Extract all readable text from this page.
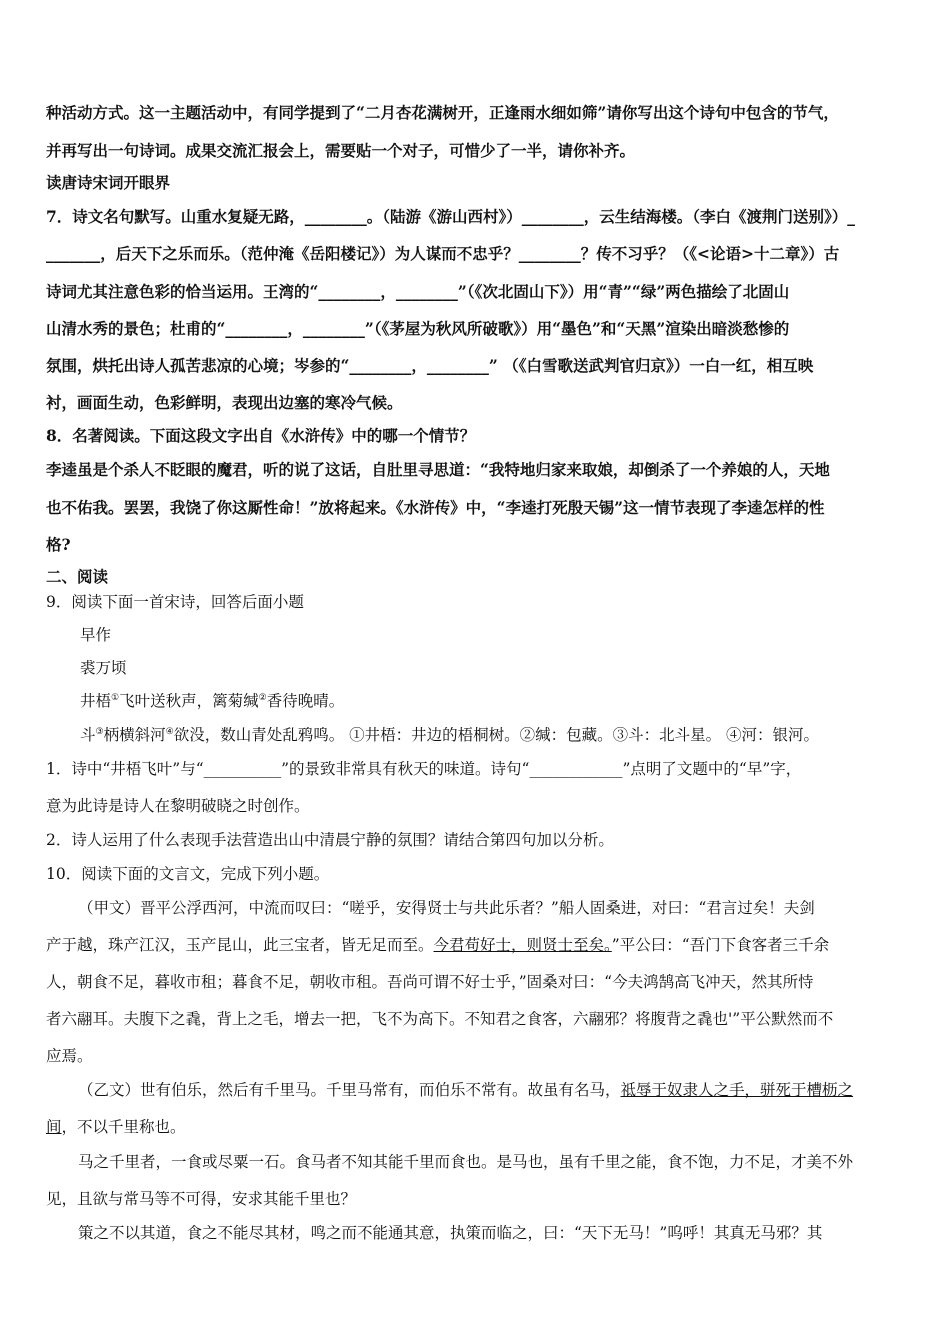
种活动方式。这一主题活动中，有同学提到了“二月杏花满树开，正逢雨水细如筛”请你写出这个诗句中包含的节气，
并再写出一句诗词。成果交流汇报会上，需要贴一个对子，可惜少了一半，请你补齐。
读唐诗宋词开眼界
7．诗文名句默写。山重水复疑无路，________。（陆游《游山西村》）________，云生结海楼。（李白《渡荆门送别》）_
_______，后天下之乐而乐。（范仲淹《岳阳楼记》）为人谋而不忠乎？________？传不习乎？（《<论语>十二章》）古
诗词尤其注意色彩的恰当运用。王湾的“________，________”（《次北固山下》）用“青”“绿”两色描绘了北固山
山清水秀的景色；杜甫的“________，________”（《茅屋为秋风所破歌》）用“墨色”和“天黑”渲染出暗淡愁惨的
氛围，烘托出诗人孤苦悲凉的心境；岑参的“________，________” （《白雪歌送武判官归京》）一白一红，相互映
衬，画面生动，色彩鲜明，表现出边塞的寒冷气候。
8．名著阅读。下面这段文字出自《水浒传》中的哪一个情节？
李逵虽是个杀人不眨眼的魔君，听的说了这话，自肚里寻思道：“我特地归家来取娘，却倒杀了一个养娘的人，天地
也不佑我。罢罢，我饶了你这厮性命！”放将起来。《水浒传》中，“李逵打死殷天锡”这一情节表现了李逵怎样的性
格?
二、阅读
9．阅读下面一首宋诗，回答后面小题
早作
裘万顷
井梧①飞叶送秋声，篱菊缄②香待晚晴。
斗③柄横斜河④欲没，数山青处乱鸦鸣。 ①井梧：井边的梧桐树。②缄：包藏。③斗：北斗星。 ④河：银河。
1．诗中“井梧飞叶”与“__________”的景致非常具有秋天的味道。诗句“____________”点明了文题中的“早”字，
意为此诗是诗人在黎明破晓之时创作。
2．诗人运用了什么表现手法营造出山中清晨宁静的氛围？请结合第四句加以分析。
10．阅读下面的文言文，完成下列小题。
（甲文）晋平公浮西河，中流而叹曰：“嗟乎，安得贤士与共此乐者？”船人固桑进，对曰：“君言过矣！夫剑
产于越，珠产江汉，玉产昆山，此三宝者，皆无足而至。今君苟好士，则贤士至矣。”平公曰：“吾门下食客者三千余
人，朝食不足，暮收市租；暮食不足，朝收市租。吾尚可谓不好士乎，”固桑对曰：“今夫鸿鹄高飞冲天，然其所恃
者六翮耳。夫腹下之毳，背上之毛，增去一把，飞不为高下。不知君之食客，六翮邪？将腹背之毳也'”平公默然而不
应焉。
（乙文）世有伯乐，然后有千里马。千里马常有，而伯乐不常有。故虽有名马，祗辱于奴隶人之手，骈死于槽枥之
间，不以千里称也。
马之千里者，一食或尽粟一石。食马者不知其能千里而食也。是马也，虽有千里之能，食不饱，力不足，才美不外
见，且欲与常马等不可得，安求其能千里也？
策之不以其道，食之不能尽其材，鸣之而不能通其意，执策而临之，曰：“天下无马！”呜呼！其真无马邪？其
